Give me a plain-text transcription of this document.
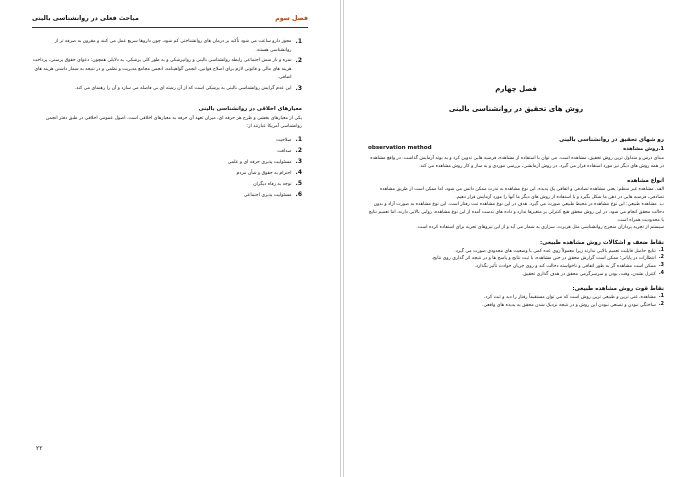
فصل سوم
مباحث فعلی در روانشناسی بالینی
1.
مجوز دارو ساعت می شود تأکید بر درمان های روانشناختی کم شود، چون داروها سریع عمل می کنند و مقرون به صرفه تر از روانشناسی هستند.
2.
نمره و نار شش اجتماعی رابطه روانشناسی بالینی و روانپزشکی و به طور کلی پزشکی، به دلایلی همچون: دعوای حقوق پرستی، پرداخت هزینه های مالی و قانونی لازم برای اصلاح قوانین، انجمن گواهینامه، انجمن مجامع مدیریت و نظمی و در نتیجه به شمار داشتن هزینه های اضافی.
3.
این عدم گرایش روانشناسی بالینی به پزشکی است که از آن رشته ای بی فاصله می سازد و آن را رهنمای می کند.
معیارهای اخلاقی در روانشناسی بالینی
یکی از معیارهای بخشی و طرح هر حرفه ای، میزان تعهد آن حرفه به معیارهای اخلاقی است. اصول عمومی اخلاقی در طبق دفتر انجمن روانشناسی آمریکا عبارتند از:
1.
صلاحیت
2.
صداقت
3.
مسئولیت پذیری حرفه ای و علمی
4.
احترام به حقوق و شأن مردم
5.
توجه به رفاه دیگران
6.
مسئولیت پذیری اجتماعی
۲۲
فصل چهارم
روش های تحقیق در روانشناسی بالینی
رو شهای تحقیق در روانشناسی بالینی
1.روش مشاهده
observation method
مبنای درس و متداول ترین روش تحقیق، مشاهده است. می توان با استفاده از مشاهده، فرضیه هایی تدوین کرد و به بوته آزمایش گذاشت. در واقع مشاهده در همه روش های دیگر نیز مورد استفاده قرار می گیرد. در روش آزمایشی، بررسی موردی و به ساز و کار روش مشاهده می کند.
انواع مشاهده
الف. مشاهده غیر منظم: یعنی مشاهده تصادفی و اتفاقی یک پدیده. این نوع مشاهده به ندرت ممکن دانش می شود، اما ممکن است از طریق مشاهده تصادفی، فرضیه هایی در ذهن ما شکل بگیرد و با استفاده از روش های دیگر ما آنها را مورد آزمایش قرار دهیم.
ب. مشاهده طبیعی: این نوع مشاهده در محیط طبیعی صورت می گیرد. هدف در این نوع مشاهده ثبت رفتار است. این نوع مشاهده به صورت آزاد و بدون دخالت محقق انجام می شود. در این روش محقق هیچ کنترلی بر متغیرها ندارد و داده های بدست آمده از این نوع مشاهده، روایی بالایی دارند، اما تعمیم نتایج با محدودیت همراه است.
سیستم از تجربه پردازان منحرج روانشناسی مثل هربرت، سزاری به شمار می آید و از این نیروهای تجربه برای استفاده کرده است.
نقاط ضعف و اشکالات روش مشاهده طبیعی:
1.
نتایج حاصل قابلیت تعمیم بالایی ندارند زیرا معمولاً روی عده کمی با وضعیت های محدودی صورت می گیرد.
2.
انتظارات در پایانی؛ ممکن است گزارش محقق در حین مشاهده، با ثبت نتایج و پاسخ ها و در نتیجه اثر گذاری روی نتایج.
3.
ممکن است مشاهده گر به طور اتفاقی و ناخواسته دخالت کند و روی جریان حوادث تأثیر بگذارد.
4.
کنترل نشدن، وقت، بودن و سرسرگرمی محقق در هدف گذاری تحقیق.
نقاط قوت روش مشاهده طبیعی:
1.
مشاهده، غنی ترین و طبیعی ترین روش است که می توان مستقیماً رفتار را دید و ثبت کرد.
2.
ساختگی نبودن و تصنعی نبودن این روش و در نتیجه نزدیک شدن محقق به پدیده های واقعی.
